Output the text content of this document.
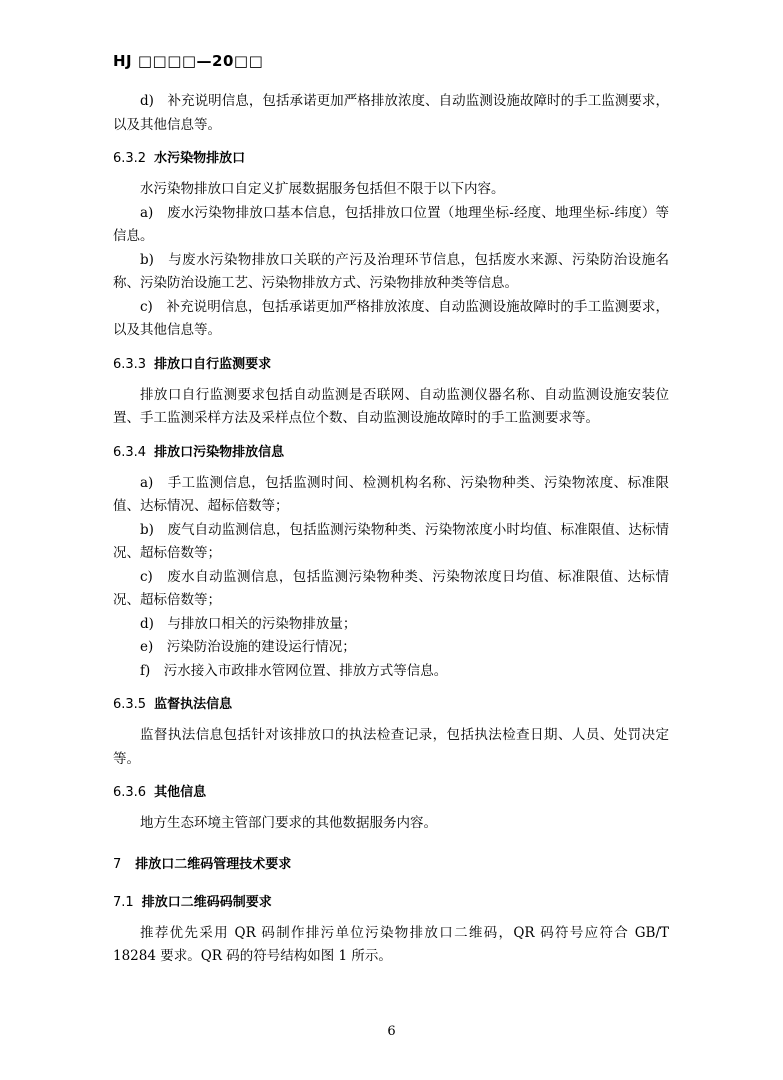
HJ □□□□—20□□

d)　补充说明信息，包括承诺更加严格排放浓度、自动监测设施故障时的手工监测要求，以及其他信息等。

6.3.2 水污染物排放口

水污染物排放口自定义扩展数据服务包括但不限于以下内容。

a)　废水污染物排放口基本信息，包括排放口位置（地理坐标-经度、地理坐标-纬度）等信息。

b)　与废水污染物排放口关联的产污及治理环节信息，包括废水来源、污染防治设施名称、污染防治设施工艺、污染物排放方式、污染物排放种类等信息。

c)　补充说明信息，包括承诺更加严格排放浓度、自动监测设施故障时的手工监测要求，以及其他信息等。

6.3.3 排放口自行监测要求

排放口自行监测要求包括自动监测是否联网、自动监测仪器名称、自动监测设施安装位置、手工监测采样方法及采样点位个数、自动监测设施故障时的手工监测要求等。

6.3.4 排放口污染物排放信息

a)　手工监测信息，包括监测时间、检测机构名称、污染物种类、污染物浓度、标准限值、达标情况、超标倍数等；

b)　废气自动监测信息，包括监测污染物种类、污染物浓度小时均值、标准限值、达标情况、超标倍数等；

c)　废水自动监测信息，包括监测污染物种类、污染物浓度日均值、标准限值、达标情况、超标倍数等；

d)　与排放口相关的污染物排放量；

e)　污染防治设施的建设运行情况；

f)　污水接入市政排水管网位置、排放方式等信息。

6.3.5 监督执法信息

监督执法信息包括针对该排放口的执法检查记录，包括执法检查日期、人员、处罚决定等。

6.3.6 其他信息

地方生态环境主管部门要求的其他数据服务内容。

7 排放口二维码管理技术要求
7.1 排放口二维码码制要求

推荐优先采用 QR 码制作排污单位污染物排放口二维码，QR 码符号应符合 GB/T 18284 要求。QR 码的符号结构如图 1 所示。

6
